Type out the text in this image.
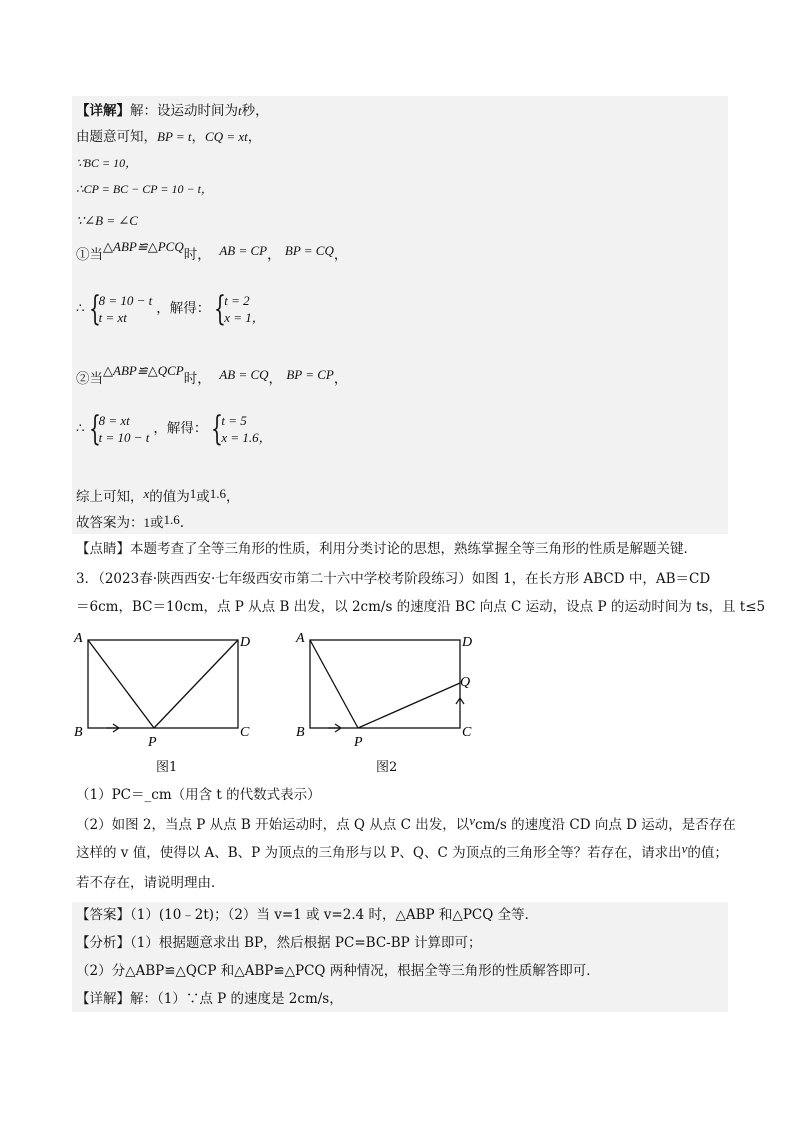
【详解】解：设运动时间为t秒，
由题意可知，BP = t，CQ = xt，
∵BC = 10，
∴CP = BC − CP = 10 − t，
∵∠B = ∠C
①当△ABP≌△PCQ时， AB = CP， BP = CQ，
∴ {
8 = 10 − t
t = xt
，解得： {
t = 2
x = 1，
②当△ABP≌△QCP时， AB = CQ， BP = CP，
∴ {
8 = xt
t = 10 − t
，解得： {
t = 5
x = 1.6，
综上可知，x的值为1或1.6，
故答案为：1或1.6.
【点睛】本题考查了全等三角形的性质，利用分类讨论的思想，熟练掌握全等三角形的性质是解题关键．
3．（2023春·陕西西安·七年级西安市第二十六中学校考阶段练习）如图 1，在长方形 ABCD 中，AB＝CD
＝6cm，BC＝10cm，点 P 从点 B 出发，以 2cm/s 的速度沿 BC 向点 C 运动，设点 P 的运动时间为 ts，且 t≤5
A	D
B
P
C
图1
A	D
Q
B
P
C
图2
（1）PC＝_cm（用含 t 的代数式表示）
（2）如图 2，当点 P 从点 B 开始运动时，点 Q 从点 C 出发，以vcm/s 的速度沿 CD 向点 D 运动，是否存在
这样的 v 值，使得以 A、B、P 为顶点的三角形与以 P、Q、C 为顶点的三角形全等？若存在，请求出v的值；
若不存在，请说明理由．
【答案】（1）(10﹣2t)；（2）当 v=1 或 v=2.4 时，△ABP 和△PCQ 全等．
【分析】（1）根据题意求出 BP，然后根据 PC=BC-BP 计算即可；
（2）分△ABP≌△QCP 和△ABP≌△PCQ 两种情况，根据全等三角形的性质解答即可．
【详解】解：（1）∵点 P 的速度是 2cm/s，
